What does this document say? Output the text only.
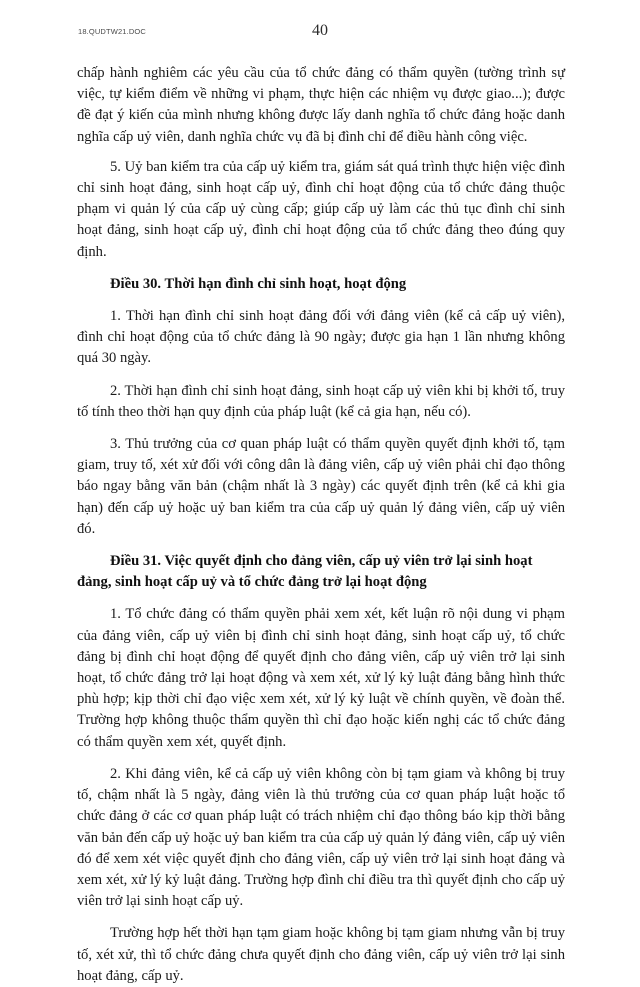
18.QUDTW21.DOC	40

chấp hành nghiêm các yêu cầu của tổ chức đảng có thẩm quyền (tường trình sự việc, tự kiểm điểm về những vi phạm, thực hiện các nhiệm vụ được giao...); được đề đạt ý kiến của mình nhưng không được lấy danh nghĩa tổ chức đảng hoặc danh nghĩa cấp uỷ viên, danh nghĩa chức vụ đã bị đình chỉ để điều hành công việc.

5. Uỷ ban kiểm tra của cấp uỷ kiểm tra, giám sát quá trình thực hiện việc đình chỉ sinh hoạt đảng, sinh hoạt cấp uỷ, đình chỉ hoạt động của tổ chức đảng thuộc phạm vi quản lý của cấp uỷ cùng cấp; giúp cấp uỷ làm các thủ tục đình chỉ sinh hoạt đảng, sinh hoạt cấp uỷ, đình chỉ hoạt động của tổ chức đảng theo đúng quy định.

Điều 30. Thời hạn đình chỉ sinh hoạt, hoạt động

1. Thời hạn đình chỉ sinh hoạt đảng đối với đảng viên (kể cả cấp uỷ viên), đình chỉ hoạt động của tổ chức đảng là 90 ngày; được gia hạn 1 lần nhưng không quá 30 ngày.

2. Thời hạn đình chỉ sinh hoạt đảng, sinh hoạt cấp uỷ viên khi bị khởi tố, truy tố tính theo thời hạn quy định của pháp luật (kể cả gia hạn, nếu có).

3. Thủ trưởng của cơ quan pháp luật có thẩm quyền quyết định khởi tố, tạm giam, truy tố, xét xử đối với công dân là đảng viên, cấp uỷ viên phải chỉ đạo thông báo ngay bằng văn bản (chậm nhất là 3 ngày) các quyết định trên (kể cả khi gia hạn) đến cấp uỷ hoặc uỷ ban kiểm tra của cấp uỷ quản lý đảng viên, cấp uỷ viên đó.

Điều 31. Việc quyết định cho đảng viên, cấp uỷ viên trở lại sinh hoạt đảng, sinh hoạt cấp uỷ và tổ chức đảng trở lại hoạt động

1. Tổ chức đảng có thẩm quyền phải xem xét, kết luận rõ nội dung vi phạm của đảng viên, cấp uỷ viên bị đình chỉ sinh hoạt đảng, sinh hoạt cấp uỷ, tổ chức đảng bị đình chỉ hoạt động để quyết định cho đảng viên, cấp uỷ viên trở lại sinh hoạt, tổ chức đảng trở lại hoạt động và xem xét, xử lý kỷ luật đảng bằng hình thức phù hợp; kịp thời chỉ đạo việc xem xét, xử lý kỷ luật về chính quyền, về đoàn thể. Trường hợp không thuộc thẩm quyền thì chỉ đạo hoặc kiến nghị các tổ chức đảng có thẩm quyền xem xét, quyết định.

2. Khi đảng viên, kể cả cấp uỷ viên không còn bị tạm giam và không bị truy tố, chậm nhất là 5 ngày, đảng viên là thủ trưởng của cơ quan pháp luật hoặc tổ chức đảng ở các cơ quan pháp luật có trách nhiệm chỉ đạo thông báo kịp thời bằng văn bản đến cấp uỷ hoặc uỷ ban kiểm tra của cấp uỷ quản lý đảng viên, cấp uỷ viên đó để xem xét việc quyết định cho đảng viên, cấp uỷ viên trở lại sinh hoạt đảng và xem xét, xử lý kỷ luật đảng. Trường hợp đình chỉ điều tra thì quyết định cho cấp uỷ viên trở lại sinh hoạt cấp uỷ.

Trường hợp hết thời hạn tạm giam hoặc không bị tạm giam nhưng vẫn bị truy tố, xét xử, thì tổ chức đảng chưa quyết định cho đảng viên, cấp uỷ viên trở lại sinh hoạt đảng, cấp uỷ.
